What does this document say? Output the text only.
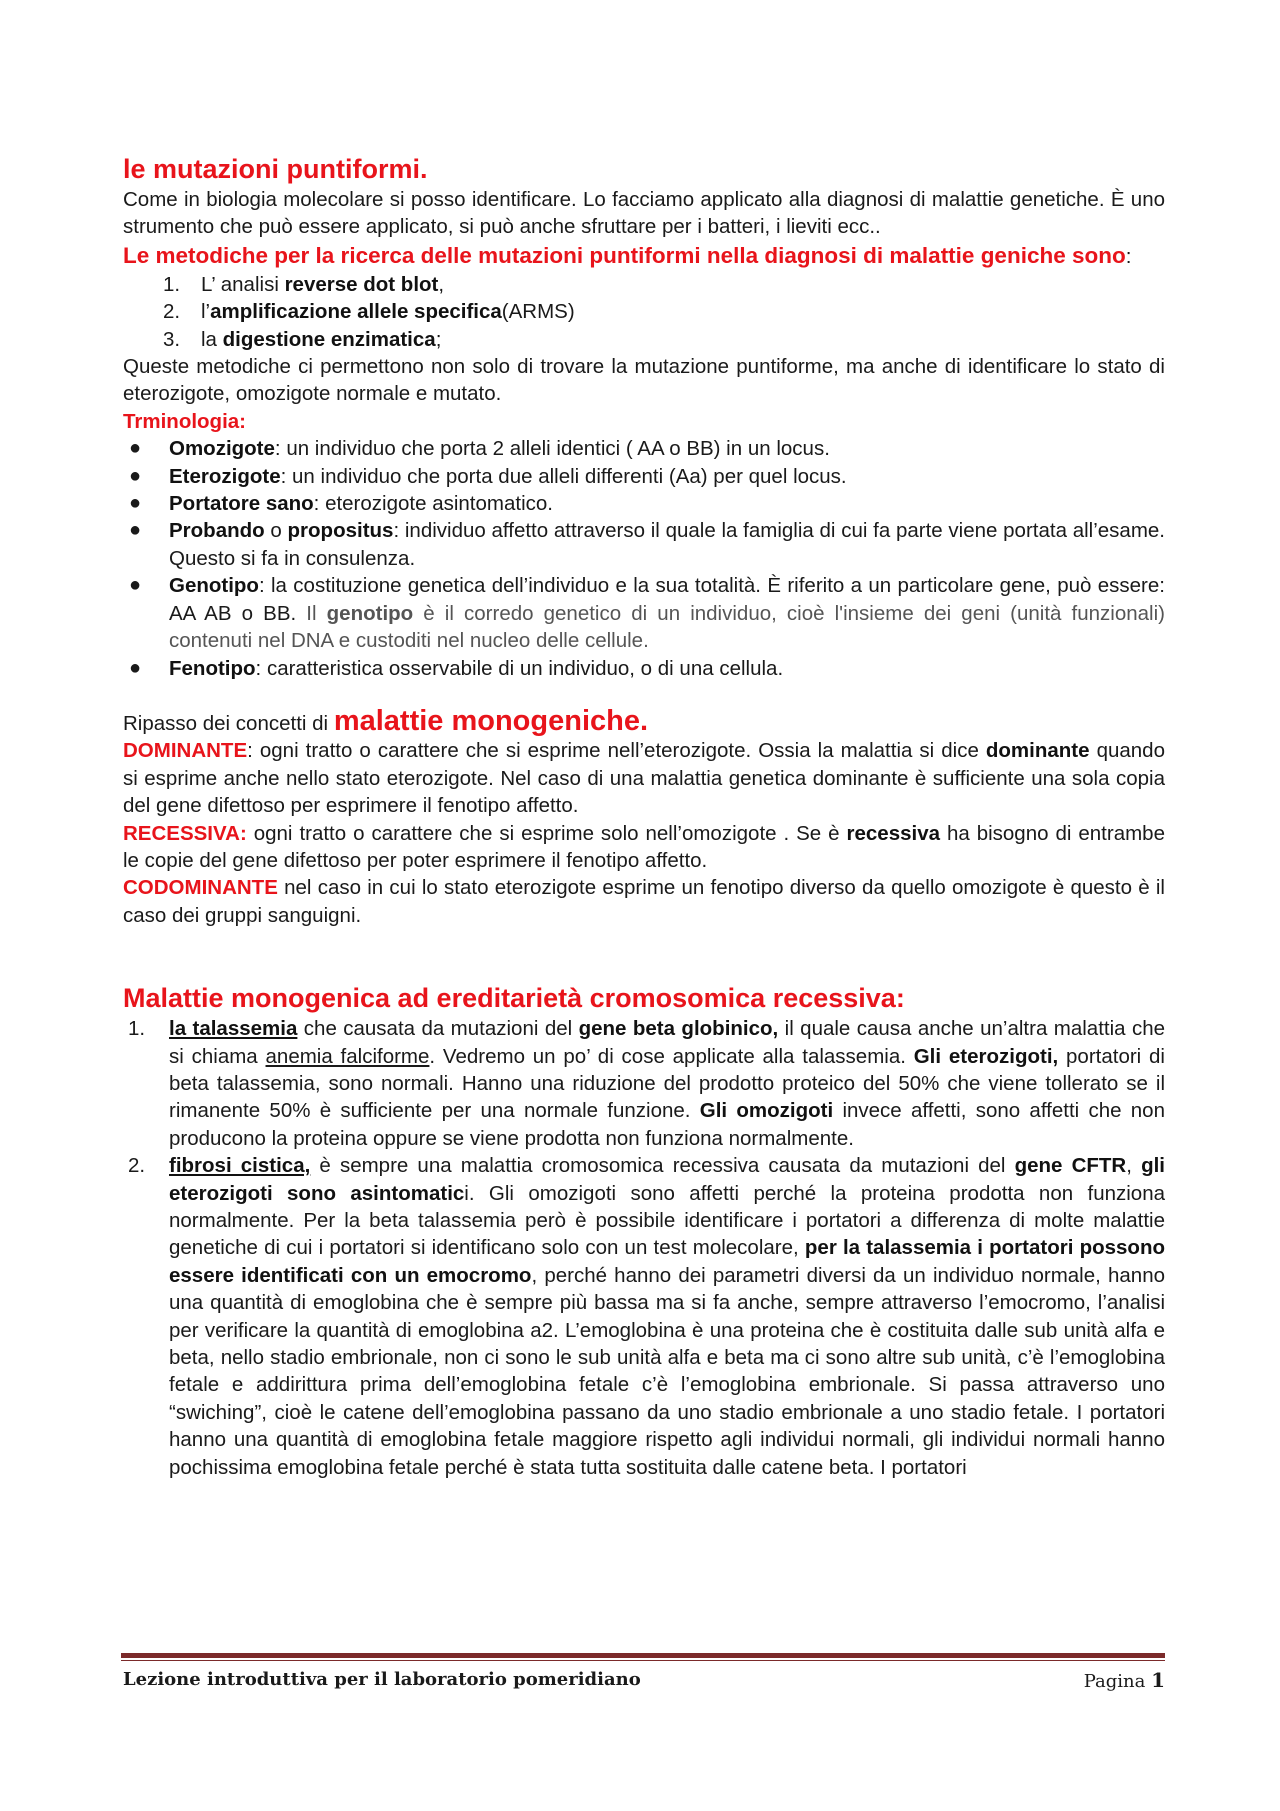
le mutazioni puntiformi.

Come in biologia molecolare si posso identificare. Lo facciamo applicato alla diagnosi di malattie genetiche. È uno strumento che può essere applicato, si può anche sfruttare per i batteri, i lieviti ecc..

Le metodiche per la ricerca delle mutazioni puntiformi nella diagnosi di malattie geniche sono:

1. L’ analisi reverse dot blot,
2. l’amplificazione allele specifica(ARMS)
3. la digestione enzimatica;

Queste metodiche ci permettono non solo di trovare la mutazione puntiforme, ma anche di identificare lo stato di eterozigote, omozigote normale e mutato.

Trminologia:

● Omozigote: un individuo che porta 2 alleli identici ( AA o BB) in un locus.
● Eterozigote: un individuo che porta due alleli differenti (Aa) per quel locus.
● Portatore sano: eterozigote asintomatico.
● Probando o propositus: individuo affetto attraverso il quale la famiglia di cui fa parte viene portata all’esame. Questo si fa in consulenza.
● Genotipo: la costituzione genetica dell’individuo e la sua totalità. È riferito a un particolare gene, può essere: AA AB o BB. Il genotipo è il corredo genetico di un individuo, cioè l'insieme dei geni (unità funzionali) contenuti nel DNA e custoditi nel nucleo delle cellule.
● Fenotipo: caratteristica osservabile di un individuo, o di una cellula.

Ripasso dei concetti di malattie monogeniche.

DOMINANTE: ogni tratto o carattere che si esprime nell’eterozigote. Ossia la malattia si dice dominante quando si esprime anche nello stato eterozigote. Nel caso di una malattia genetica dominante è sufficiente una sola copia del gene difettoso per esprimere il fenotipo affetto.

RECESSIVA: ogni tratto o carattere che si esprime solo nell’omozigote . Se è recessiva ha bisogno di entrambe le copie del gene difettoso per poter esprimere il fenotipo affetto.

CODOMINANTE nel caso in cui lo stato eterozigote esprime un fenotipo diverso da quello omozigote è questo è il caso dei gruppi sanguigni.

Malattie monogenica ad ereditarietà cromosomica recessiva:
1. la talassemia che causata da mutazioni del gene beta globinico, il quale causa anche un’altra malattia che si chiama anemia falciforme. Vedremo un po’ di cose applicate alla talassemia. Gli eterozigoti, portatori di beta talassemia, sono normali. Hanno una riduzione del prodotto proteico del 50% che viene tollerato se il rimanente 50% è sufficiente per una normale funzione. Gli omozigoti invece affetti, sono affetti che non producono la proteina oppure se viene prodotta non funziona normalmente.
2. fibrosi cistica, è sempre una malattia cromosomica recessiva causata da mutazioni del gene CFTR, gli eterozigoti sono asintomatici. Gli omozigoti sono affetti perché la proteina prodotta non funziona normalmente. Per la beta talassemia però è possibile identificare i portatori a differenza di molte malattie genetiche di cui i portatori si identificano solo con un test molecolare, per la talassemia i portatori possono essere identificati con un emocromo, perché hanno dei parametri diversi da un individuo normale, hanno una quantità di emoglobina che è sempre più bassa ma si fa anche, sempre attraverso l’emocromo, l’analisi per verificare la quantità di emoglobina a2. L’emoglobina è una proteina che è costituita dalle sub unità alfa e beta, nello stadio embrionale, non ci sono le sub unità alfa e beta ma ci sono altre sub unità, c’è l’emoglobina fetale e addirittura prima dell’emoglobina fetale c’è l’emoglobina embrionale. Si passa attraverso uno “swiching”, cioè le catene dell’emoglobina passano da uno stadio embrionale a uno stadio fetale. I portatori hanno una quantità di emoglobina fetale maggiore rispetto agli individui normali, gli individui normali hanno pochissima emoglobina fetale perché è stata tutta sostituita dalle catene beta. I portatori
Lezione introduttiva per il laboratorio pomeridiano	Pagina 1
